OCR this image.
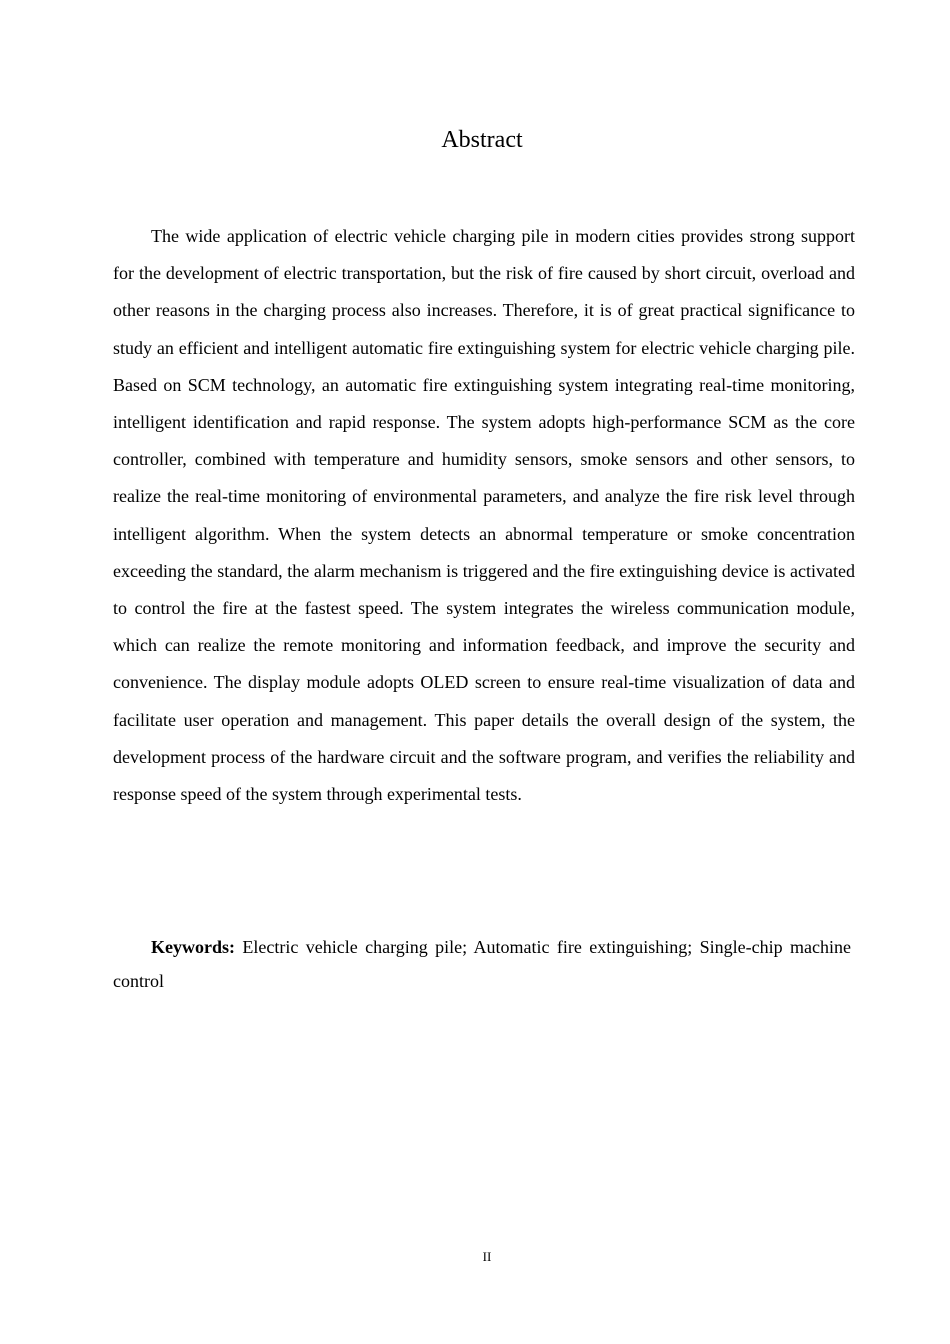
Abstract

The wide application of electric vehicle charging pile in modern cities provides strong support for the development of electric transportation, but the risk of fire caused by short circuit, overload and other reasons in the charging process also increases. Therefore, it is of great practical significance to study an efficient and intelligent automatic fire extinguishing system for electric vehicle charging pile. Based on SCM technology, an automatic fire extinguishing system integrating real-time monitoring, intelligent identification and rapid response. The system adopts high-performance SCM as the core controller, combined with temperature and humidity sensors, smoke sensors and other sensors, to realize the real-time monitoring of environmental parameters, and analyze the fire risk level through intelligent algorithm. When the system detects an abnormal temperature or smoke concentration exceeding the standard, the alarm mechanism is triggered and the fire extinguishing device is activated to control the fire at the fastest speed. The system integrates the wireless communication module, which can realize the remote monitoring and information feedback, and improve the security and convenience. The display module adopts OLED screen to ensure real-time visualization of data and facilitate user operation and management. This paper details the overall design of the system, the development process of the hardware circuit and the software program, and verifies the reliability and response speed of the system through experimental tests.

Keywords: Electric vehicle charging pile; Automatic fire extinguishing; Single-chip machine control

II
